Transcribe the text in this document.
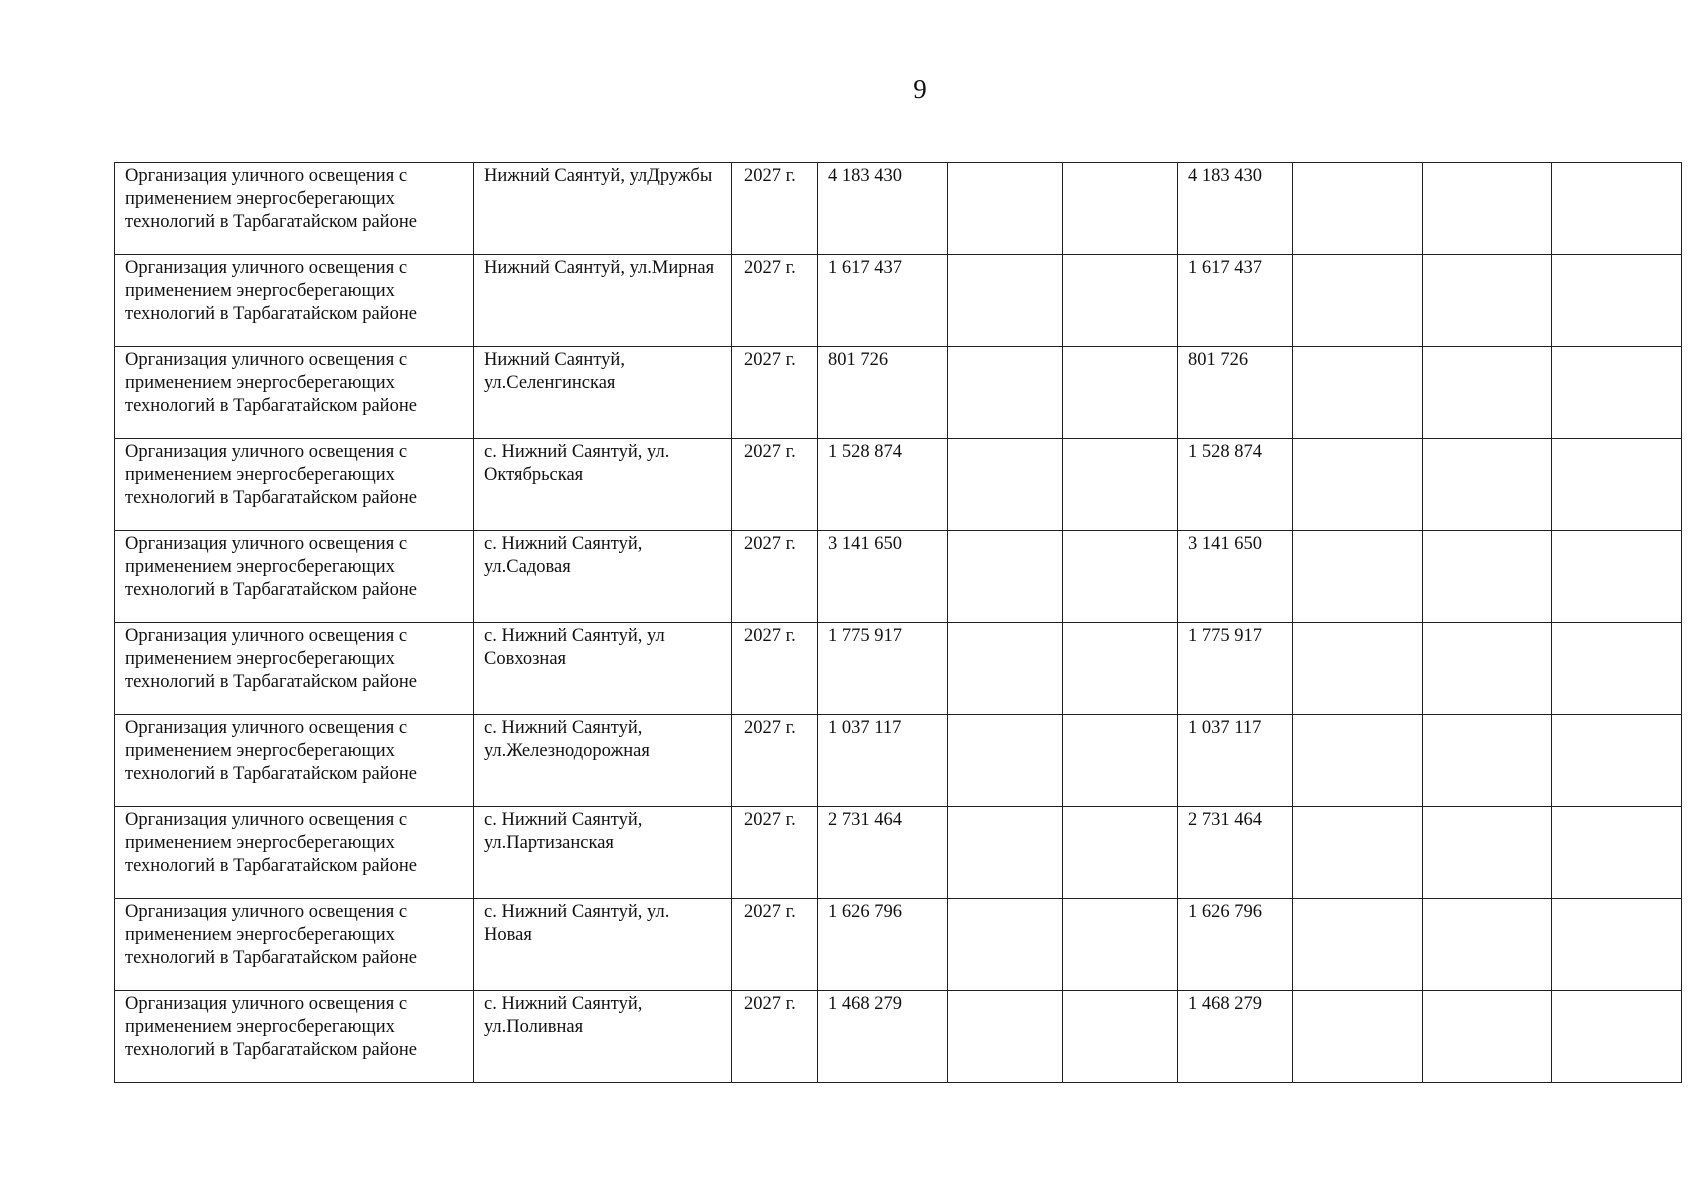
9
Организация уличного освещения с применением энергосберегающих технологий в Тарбагатайском районе	Нижний Саянтуй, улДружбы	2027 г.	4 183 430			4 183 430			
Организация уличного освещения с применением энергосберегающих технологий в Тарбагатайском районе	Нижний Саянтуй, ул.Мирная	2027 г.	1 617 437			1 617 437			
Организация уличного освещения с применением энергосберегающих технологий в Тарбагатайском районе	Нижний Саянтуй, ул.Селенгинская	2027 г.	801 726			801 726			
Организация уличного освещения с применением энергосберегающих технологий в Тарбагатайском районе	с. Нижний Саянтуй, ул. Октябрьская	2027 г.	1 528 874			1 528 874			
Организация уличного освещения с применением энергосберегающих технологий в Тарбагатайском районе	с. Нижний Саянтуй, ул.Садовая	2027 г.	3 141 650			3 141 650			
Организация уличного освещения с применением энергосберегающих технологий в Тарбагатайском районе	с. Нижний Саянтуй, ул Совхозная	2027 г.	1 775 917			1 775 917			
Организация уличного освещения с применением энергосберегающих технологий в Тарбагатайском районе	с. Нижний Саянтуй, ул.Железнодорожная	2027 г.	1 037 117			1 037 117			
Организация уличного освещения с применением энергосберегающих технологий в Тарбагатайском районе	с. Нижний Саянтуй, ул.Партизанская	2027 г.	2 731 464			2 731 464			
Организация уличного освещения с применением энергосберегающих технологий в Тарбагатайском районе	с. Нижний Саянтуй, ул. Новая	2027 г.	1 626 796			1 626 796			
Организация уличного освещения с применением энергосберегающих технологий в Тарбагатайском районе	с. Нижний Саянтуй, ул.Поливная	2027 г.	1 468 279			1 468 279			
